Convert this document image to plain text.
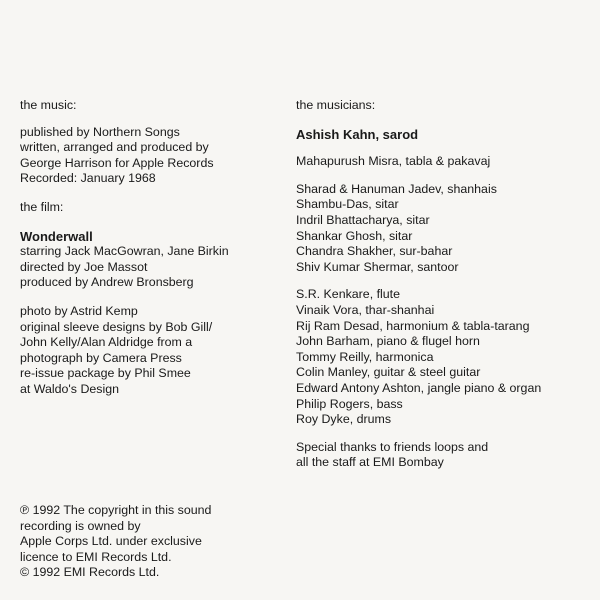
the music:
published by Northern Songs
written, arranged and produced by
George Harrison for Apple Records
Recorded: January 1968
the film:
Wonderwall
starring Jack MacGowran, Jane Birkin
directed by Joe Massot
produced by Andrew Bronsberg
photo by Astrid Kemp
original sleeve designs by Bob Gill/
John Kelly/Alan Aldridge from a
photograph by Camera Press
re-issue package by Phil Smee
at Waldo's Design
the musicians:
Ashish Kahn, sarod
Mahapurush Misra, tabla & pakavaj
Sharad & Hanuman Jadev, shanhais
Shambu-Das, sitar
Indril Bhattacharya, sitar
Shankar Ghosh, sitar
Chandra Shakher, sur-bahar
Shiv Kumar Shermar, santoor
S.R. Kenkare, flute
Vinaik Vora, thar-shanhai
Rij Ram Desad, harmonium & tabla-tarang
John Barham, piano & flugel horn
Tommy Reilly, harmonica
Colin Manley, guitar & steel guitar
Edward Antony Ashton, jangle piano & organ
Philip Rogers, bass
Roy Dyke, drums
Special thanks to friends loops and
all the staff at EMI Bombay
℗ 1992 The copyright in this sound
recording is owned by
Apple Corps Ltd. under exclusive
licence to EMI Records Ltd.
© 1992 EMI Records Ltd.
